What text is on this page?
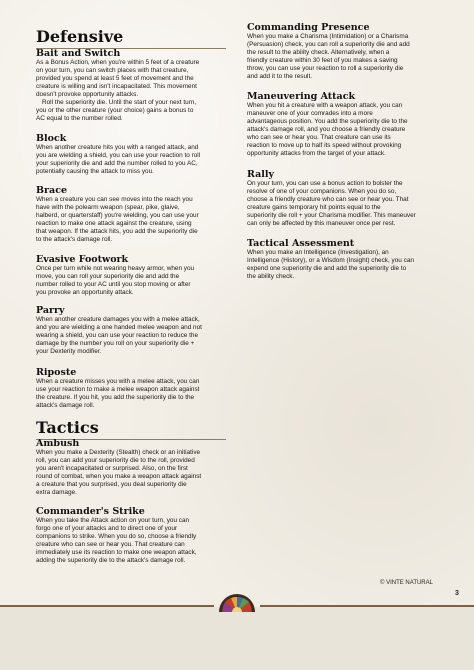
Defensive
Bait and Switch

As a Bonus Action, when you're within 5 feet of a creature
on your turn, you can switch places with that creature,
provided you spend at least 5 feet of movement and the
creature is willing and isn't incapacitated. This movement
doesn't provoke opportunity attacks.

Roll the superiority die. Until the start of your next turn,
you or the other creature (your choice) gains a bonus to
AC equal to the number rolled.

Block

When another creature hits you with a ranged attack, and
you are wielding a shield, you can use your reaction to roll
your superiority die and add the number rolled to you AC,
potentially causing the attack to miss you.

Brace

When a creature you can see moves into the reach you
have with the polearm weapon (spear, pike, glaive,
halberd, or quarterstaff) you're wielding, you can use your
reaction to make one attack against the creature, using
that weapon. If the attack hits, you add the superiority die
to the attack's damage roll.

Evasive Footwork

Once per turn while not wearing heavy armor, when you
move, you can roll your superiority die and add the
number rolled to your AC until you stop moving or after
you provoke an opportunity attack.

Parry

When another creature damages you with a melee attack,
and you are wielding a one handed melee weapon and not
wearing a shield, you can use your reaction to reduce the
damage by the number you roll on your superiority die +
your Dexterity modifier.

Riposte

When a creature misses you with a melee attack, you can
use your reaction to make a melee weapon attack against
the creature. If you hit, you add the superiority die to the
attack's damage roll.

Tactics
Ambush

When you make a Dexterity (Stealth) check or an initiative
roll, you can add your superiority die to the roll, provided
you aren't incapacitated or surprised. Also, on the first
round of combat, when you make a weapon attack against
a creature that you surprised, you deal superiority die
extra damage.

Commander's Strike

When you take the Attack action on your turn, you can
forgo one of your attacks and to direct one of your
companions to strike. When you do so, choose a friendly
creature who can see or hear you. That creature can
immediately use its reaction to make one weapon attack,
adding the superiority die to the attack's damage roll.

Commanding Presence

When you make a Charisma (Intimidation) or a Charisma
(Persuasion) check, you can roll a superiority die and add
the result to the ability check. Alternatively, when a
friendly creature within 30 feet of you makes a saving
throw, you can use your reaction to roll a superiority die
and add it to the result.

Maneuvering Attack

When you hit a creature with a weapon attack, you can
maneuver one of your comrades into a more
advantageous position. You add the superiority die to the
attack's damage roll, and you choose a friendly creature
who can see or hear you. That creature can use its
reaction to move up to half its speed without provoking
opportunity attacks from the target of your attack.

Rally

On your turn, you can use a bonus action to bolster the
resolve of one of your companions. When you do so,
choose a friendly creature who can see or hear you. That
creature gains temporary hit points equal to the
superiority die roll + your Charisma modifier. This maneuver
can only be affected by this maneuver once per rest.

Tactical Assessment

When you make an Intelligence (Investigation), an
Intelligence (History), or a Wisdom (Insight) check, you can
expend one superiority die and add the superiority die to
the ability check.

© VINTE NATURAL
3
